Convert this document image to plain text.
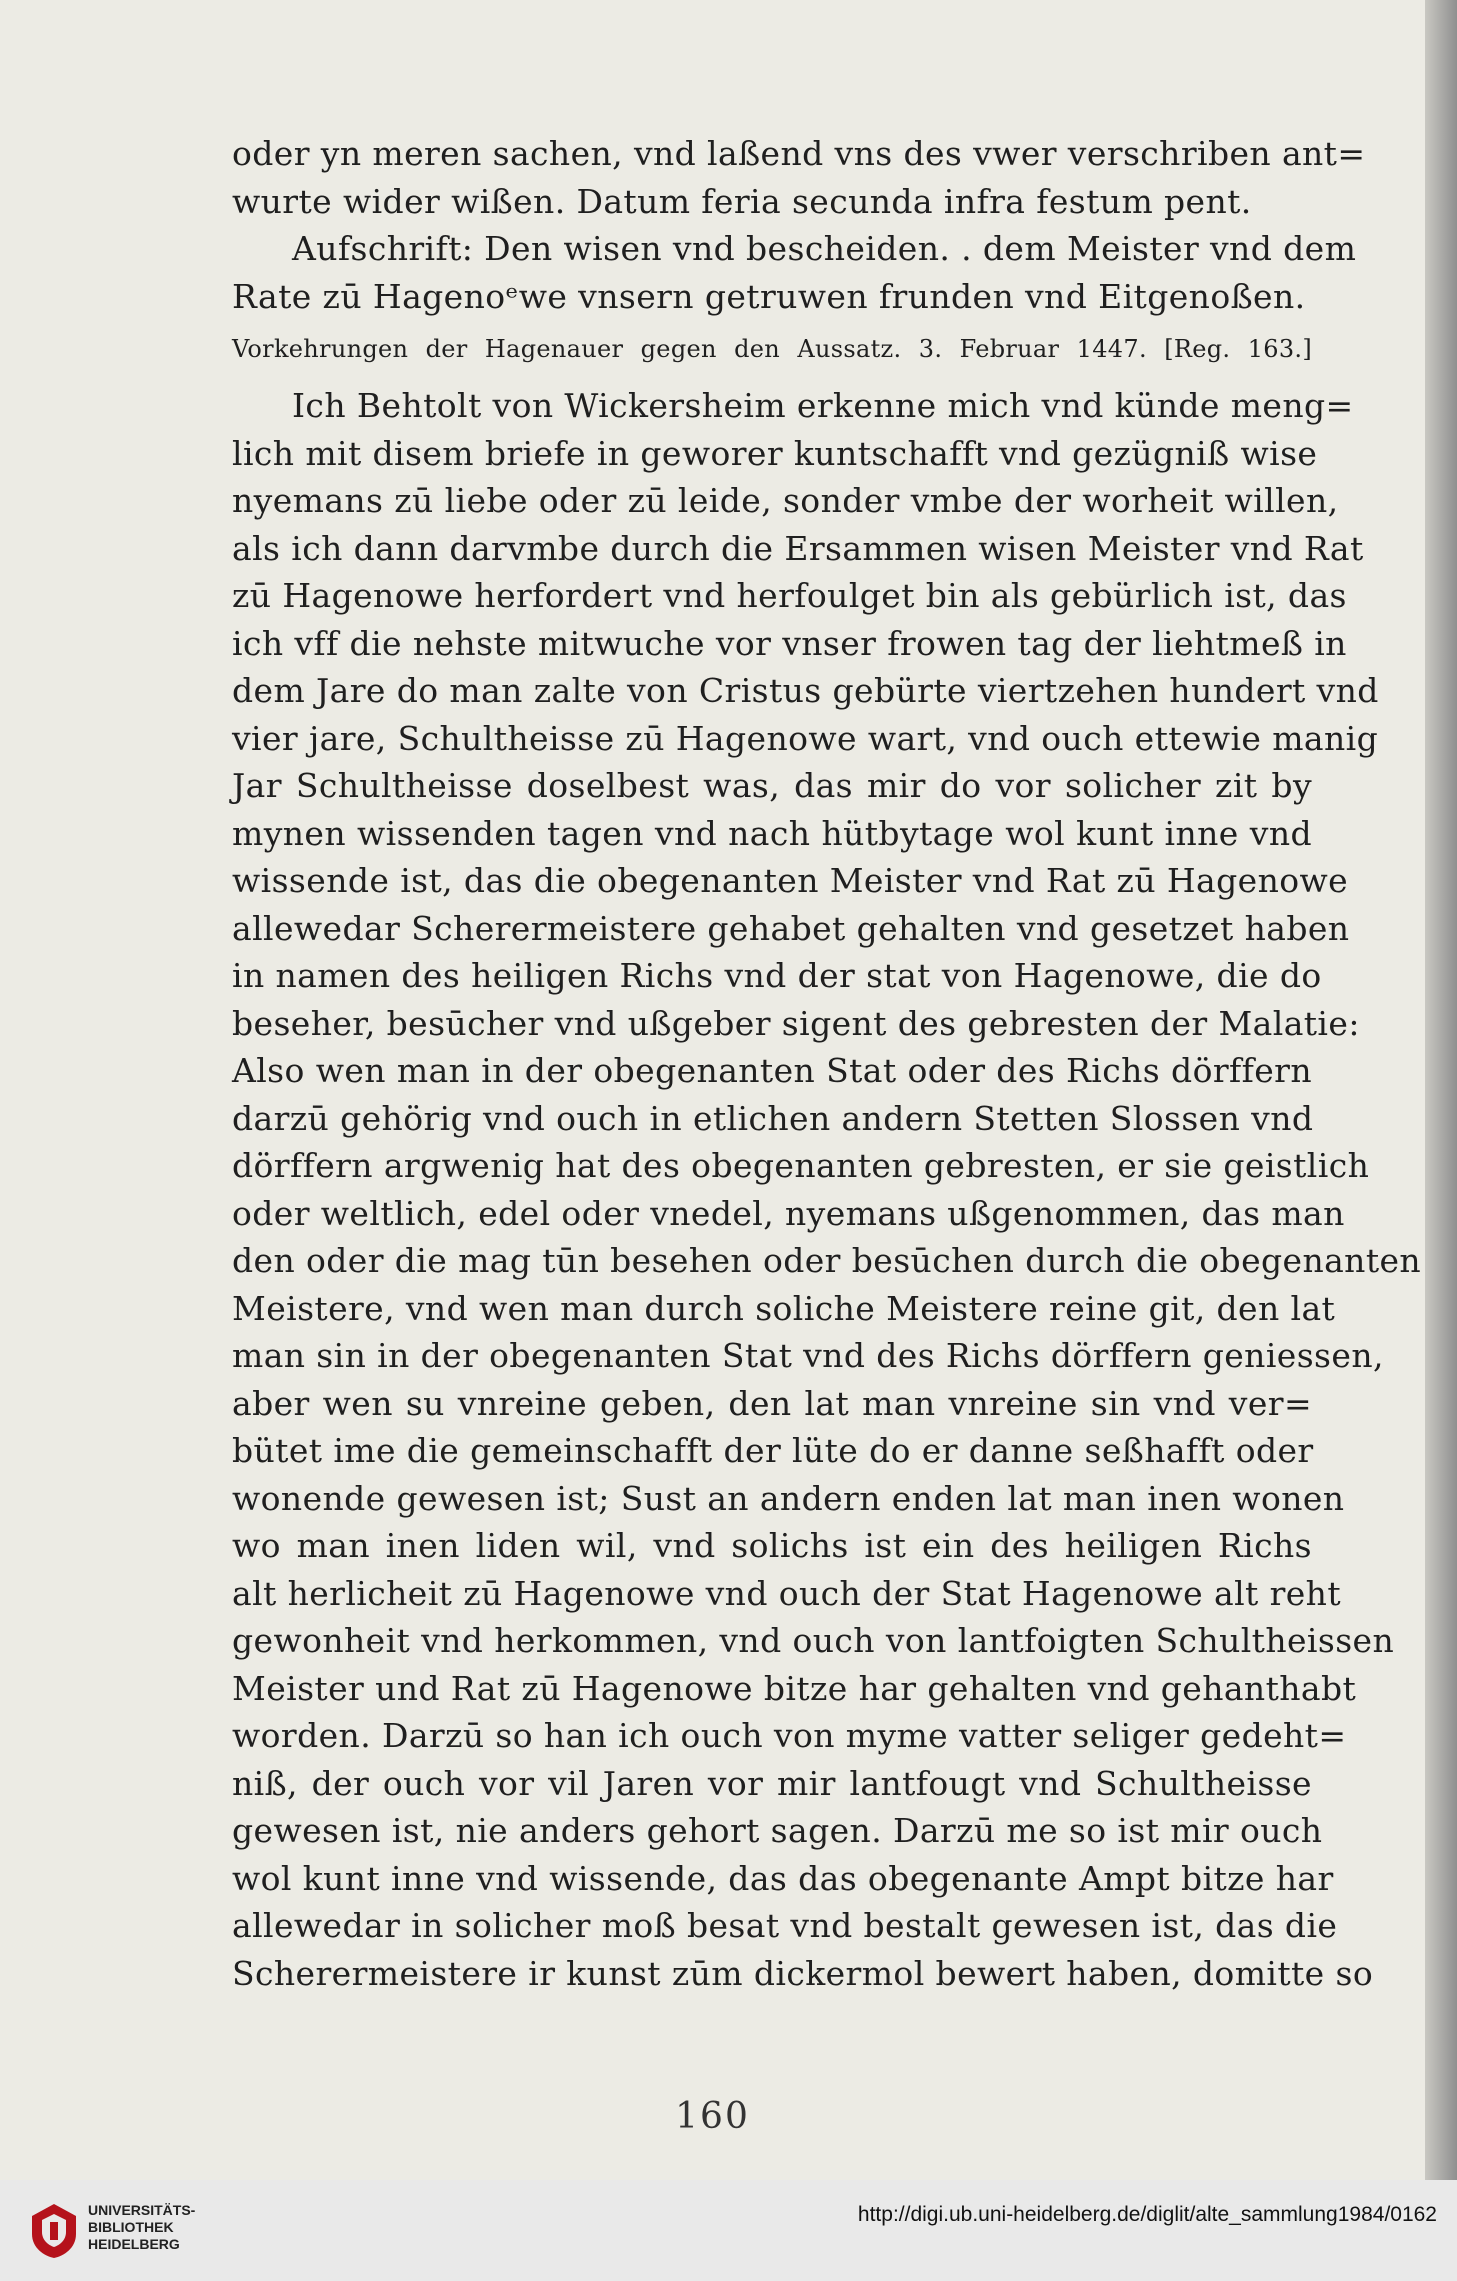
oder yn meren sachen, vnd laßend vns des vwer verschriben ant=
wurte wider wißen. Datum feria secunda infra festum pent.
Aufschrift: Den wisen vnd bescheiden. . dem Meister vnd dem
Rate zū Hagenoᵉwe vnsern getruwen frunden vnd Eitgenoßen.
Vorkehrungen der Hagenauer gegen den Aussatz. 3. Februar 1447. [Reg. 163.]
Ich Behtolt von Wickersheim erkenne mich vnd künde meng=
lich mit disem briefe in geworer kuntschafft vnd gezügniß wise
nyemans zū liebe oder zū leide, sonder vmbe der worheit willen,
als ich dann darvmbe durch die Ersammen wisen Meister vnd Rat
zū Hagenowe herfordert vnd herfoulget bin als gebürlich ist, das
ich vff die nehste mitwuche vor vnser frowen tag der liehtmeß in
dem Jare do man zalte von Cristus gebürte viertzehen hundert vnd
vier jare, Schultheisse zū Hagenowe wart, vnd ouch ettewie manig
Jar Schultheisse doselbest was, das mir do vor solicher zit by
mynen wissenden tagen vnd nach hütbytage wol kunt inne vnd
wissende ist, das die obegenanten Meister vnd Rat zū Hagenowe
allewedar Scherermeistere gehabet gehalten vnd gesetzet haben
in namen des heiligen Richs vnd der stat von Hagenowe, die do
beseher, besūcher vnd ußgeber sigent des gebresten der Malatie:
Also wen man in der obegenanten Stat oder des Richs dörffern
darzū gehörig vnd ouch in etlichen andern Stetten Slossen vnd
dörffern argwenig hat des obegenanten gebresten, er sie geistlich
oder weltlich, edel oder vnedel, nyemans ußgenommen, das man
den oder die mag tūn besehen oder besūchen durch die obegenanten
Meistere, vnd wen man durch soliche Meistere reine git, den lat
man sin in der obegenanten Stat vnd des Richs dörffern geniessen,
aber wen su vnreine geben, den lat man vnreine sin vnd ver=
bütet ime die gemeinschafft der lüte do er danne seßhafft oder
wonende gewesen ist; Sust an andern enden lat man inen wonen
wo man inen liden wil, vnd solichs ist ein des heiligen Richs
alt herlicheit zū Hagenowe vnd ouch der Stat Hagenowe alt reht
gewonheit vnd herkommen, vnd ouch von lantfoigten Schultheissen
Meister und Rat zū Hagenowe bitze har gehalten vnd gehanthabt
worden. Darzū so han ich ouch von myme vatter seliger gedeht=
niß, der ouch vor vil Jaren vor mir lantfougt vnd Schultheisse
gewesen ist, nie anders gehort sagen. Darzū me so ist mir ouch
wol kunt inne vnd wissende, das das obegenante Ampt bitze har
allewedar in solicher moß besat vnd bestalt gewesen ist, das die
Scherermeistere ir kunst zūm dickermol bewert haben, domitte so
160
UNIVERSITÄTS-
BIBLIOTHEK
HEIDELBERG
http://digi.ub.uni-heidelberg.de/diglit/alte_sammlung1984/0162
